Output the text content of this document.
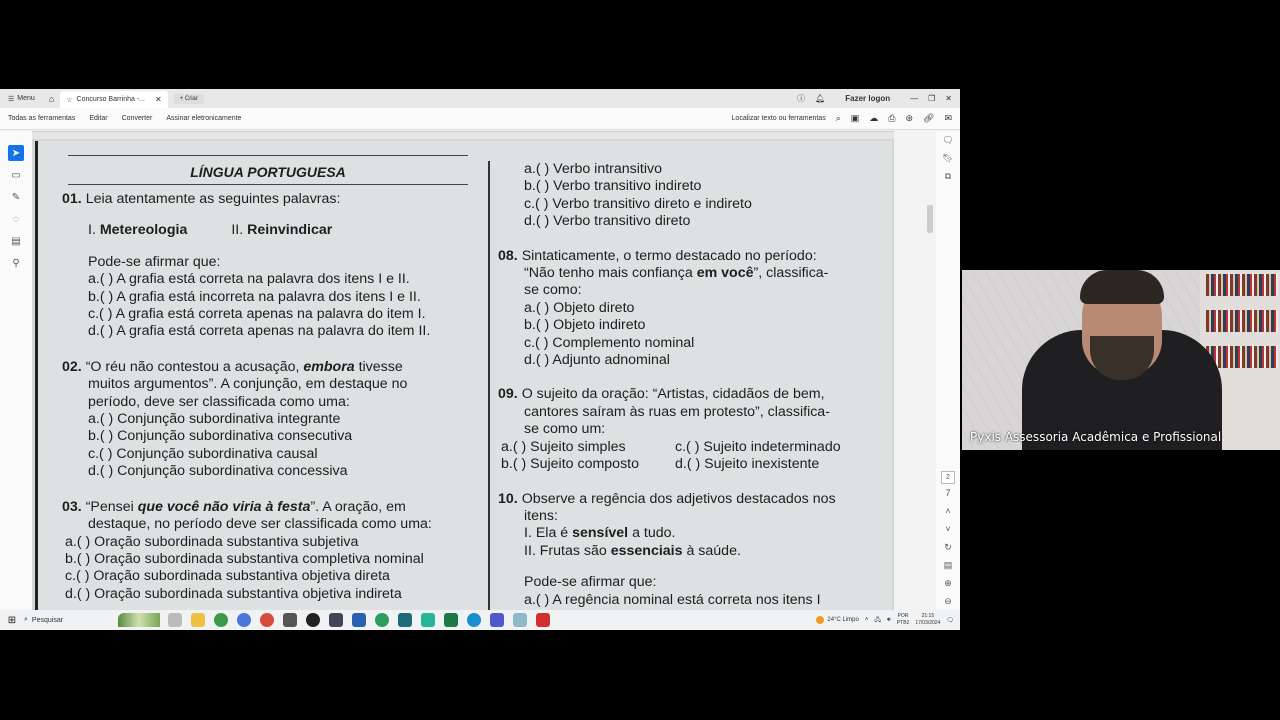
☰ Menu	⌂	☆ Concurso Barrinha -... ✕	+ Criar	ⓘ 🔔︎	Fazer logon	— ❐ ✕
Todas as ferramentas Editar Converter Assinar eletronicamente	Localizar texto ou ferramentas ⌕ ▣ ☁ ⎙ ⊛ 🔗︎ ✉
➤
▭
✎
◌
▤
⚲
LÍNGUA PORTUGUESA
01. Leia atentamente as seguintes palavras:
I. Metereologia	II. Reinvindicar
Pode-se afirmar que:
a.( ) A grafia está correta na palavra dos itens I e II.
b.( ) A grafia está incorreta na palavra dos itens I e II.
c.( ) A grafia está correta apenas na palavra do item I.
d.( ) A grafia está correta apenas na palavra do item II.
02. “O réu não contestou a acusação, embora tivesse
muitos argumentos”. A conjunção, em destaque no
período, deve ser classificada como uma:
a.( ) Conjunção subordinativa integrante
b.( ) Conjunção subordinativa consecutiva
c.( ) Conjunção subordinativa causal
d.( ) Conjunção subordinativa concessiva
03. “Pensei que você não viria à festa”. A oração, em
destaque, no período deve ser classificada como uma:
a.( ) Oração subordinada substantiva subjetiva
b.( ) Oração subordinada substantiva completiva nominal
c.( ) Oração subordinada substantiva objetiva direta
d.( ) Oração subordinada substantiva objetiva indireta
a.( ) Verbo intransitivo
b.( ) Verbo transitivo indireto
c.( ) Verbo transitivo direto e indireto
d.( ) Verbo transitivo direto
08. Sintaticamente, o termo destacado no período:
“Não tenho mais confiança em você”, classifica-
se como:
a.( ) Objeto direto
b.( ) Objeto indireto
c.( ) Complemento nominal
d.( ) Adjunto adnominal
09. O sujeito da oração: “Artistas, cidadãos de bem,
cantores saíram às ruas em protesto”, classifica-
se como um:
a.( ) Sujeito simples	c.( ) Sujeito indeterminado
b.( ) Sujeito composto	d.( ) Sujeito inexistente
10. Observe a regência dos adjetivos destacados nos
itens:
I. Ela é sensível a tudo.
II. Frutas são essenciais à saúde.
Pode-se afirmar que:
a.( ) A regência nominal está correta nos itens I
🗨︎
🔖︎
⧉
2
7
˄
˅
↻
▤
⊕
⊖
⊞	⌕ Pesquisar	24°C Limpo ˄ 🖧︎ 🔊︎
POR
PTB2
21:15
17/03/2024 🗨︎
Pyxis Assessoria Acadêmica e Profissional
